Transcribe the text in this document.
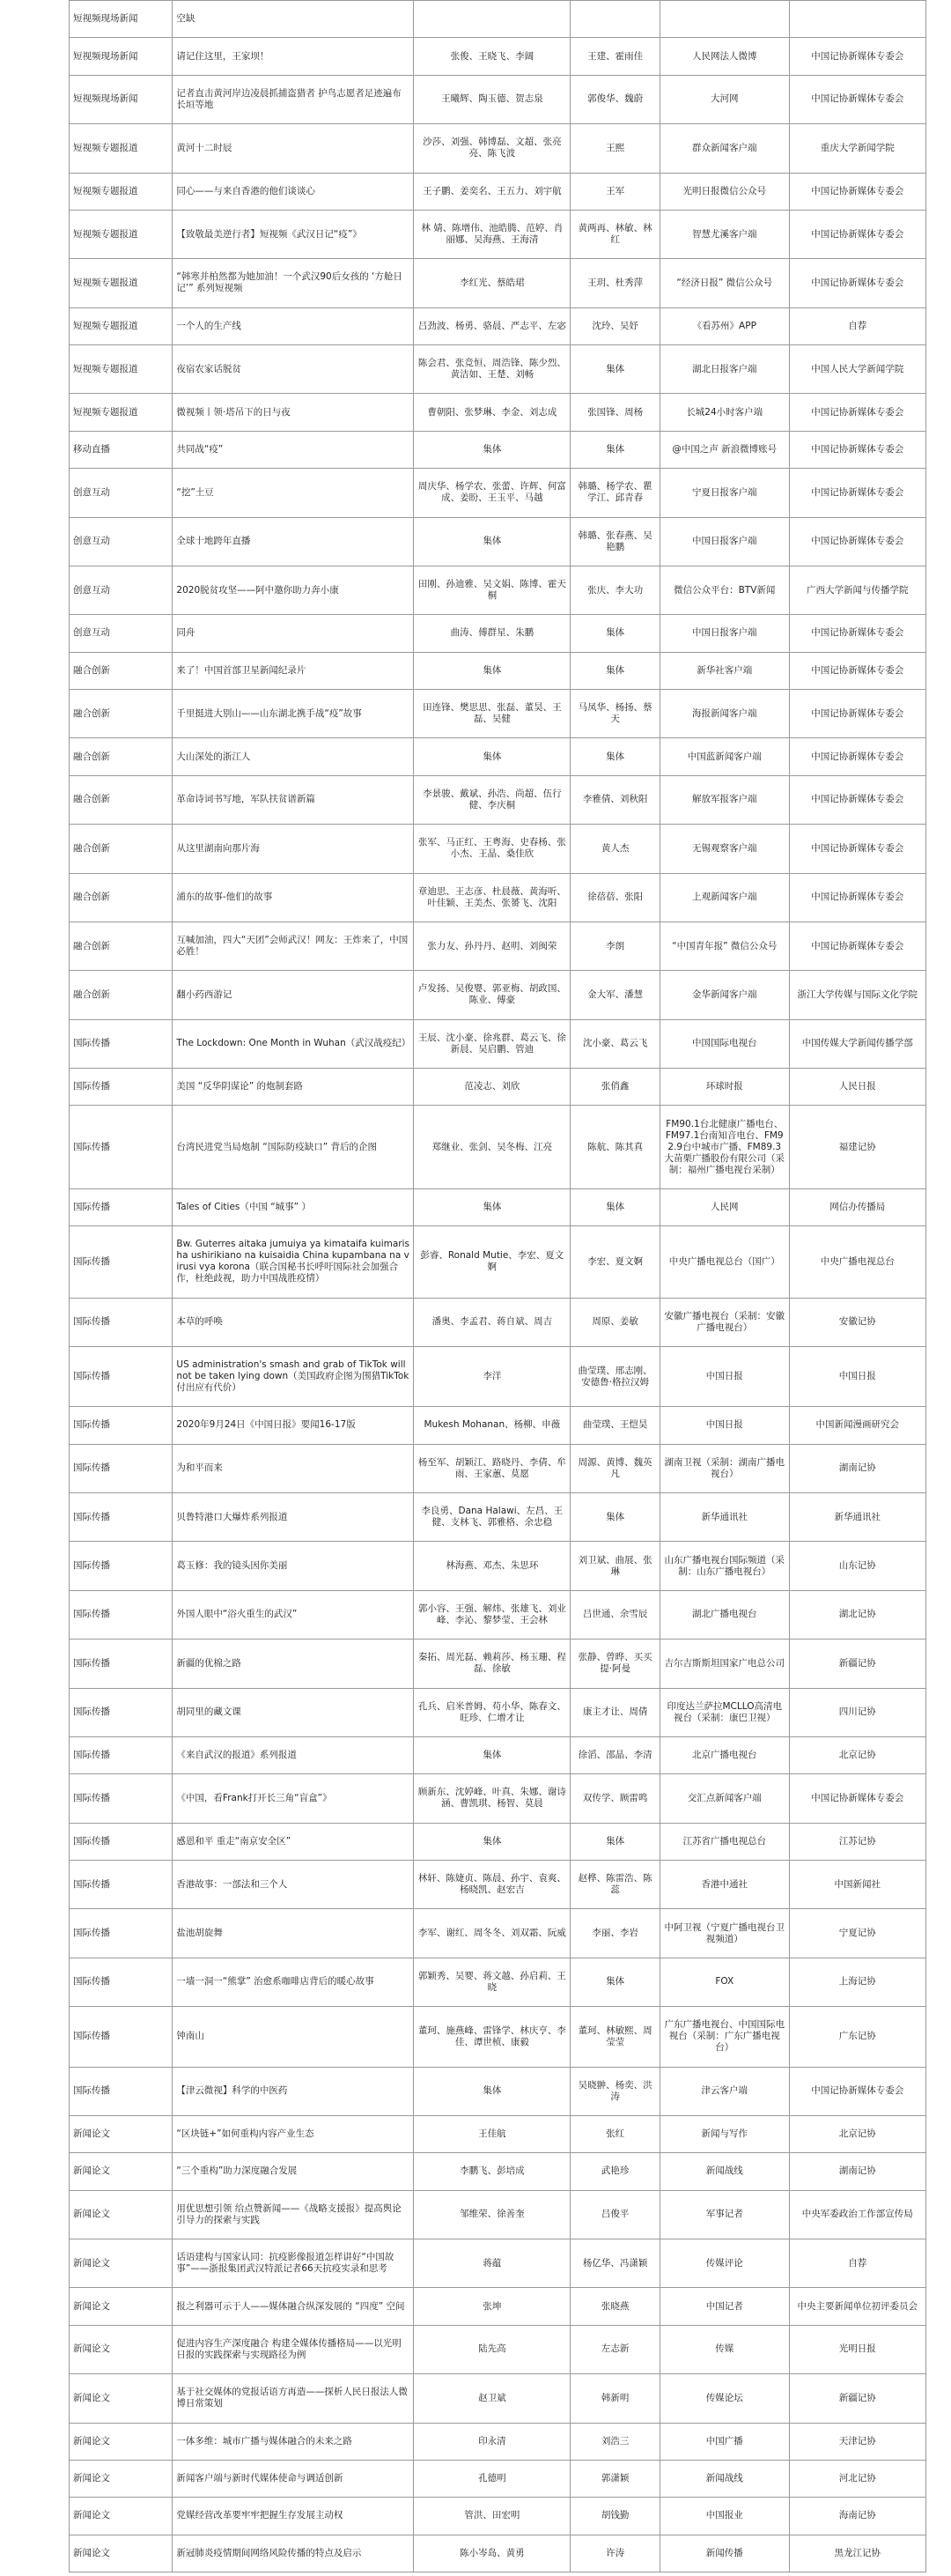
短视频现场新闻	空缺				
短视频现场新闻	请记住这里，王家坝！	张俊、王晓飞、李阔	王建、霍雨佳	人民网法人微博	中国记协新媒体专委会
短视频现场新闻	记者直击黄河岸边凌晨抓捕盗猎者 护鸟志愿者足迹遍布长垣等地	王曦辉、陶玉德、贺志泉	郭俊华、魏蔚	大河网	中国记协新媒体专委会
短视频专题报道	黄河十二时辰	沙莎、刘强、韩博磊、文超、张亮亮、陈飞波	王熙	群众新闻客户端	重庆大学新闻学院
短视频专题报道	同心——与来自香港的他们谈谈心	王子鹏、姜奕名、王五力、刘宇航	王军	光明日报微信公众号	中国记协新媒体专委会
短视频专题报道	【致敬最美逆行者】短视频《武汉日记“疫”》	林 婧、陈增伟、池皓腾、范婷、肖丽娜、吴海燕、王海清	黄两再、林敏、林红	智慧尤溪客户端	中国记协新媒体专委会
短视频专题报道	“韩寒并柏然都为她加油！一个武汉90后女孩的 ‘方舱日记’” 系列短视频	李红光、蔡皓珺	王玥、杜秀萍	“经济日报” 微信公众号	中国记协新媒体专委会
短视频专题报道	一个人的生产线	吕劲波、杨勇、骆晨、严志平、左宓	沈玲、吴妤	《看苏州》APP	自荐
短视频专题报道	夜宿农家话脱贫	陈会君、张竞恒、周浩锋、陈少烈、黄洁如、王楚、刘畅	集体	湖北日报客户端	中国人民大学新闻学院
短视频专题报道	微视频丨领·塔吊下的日与夜	曹朝阳、张梦琳、李金、刘志成	张国锋、周杨	长城24小时客户端	中国记协新媒体专委会
移动直播	共同战“疫”	集体	集体	@中国之声 新浪微博账号	中国记协新媒体专委会
创意互动	“挖”土豆	周庆华、杨学农、张蕾、许辉、何富成、姜盼、王玉平、马越	韩璐、杨学农、瞿学江、邱青春	宁夏日报客户端	中国记协新媒体专委会
创意互动	全球十地跨年直播	集体	韩璐、张春燕、吴艳鹏	中国日报客户端	中国记协新媒体专委会
创意互动	2020脱贫攻坚——阿中邀你助力奔小康	田刚、孙迪雅、吴文娟、陈博、霍天桐	张庆、李大功	微信公众平台：BTV新闻	广西大学新闻与传播学院
创意互动	同舟	曲涛、傅群星、朱鹏	集体	中国日报客户端	中国记协新媒体专委会
融合创新	来了！中国首部卫星新闻纪录片	集体	集体	新华社客户端	中国记协新媒体专委会
融合创新	千里挺进大别山——山东湖北携手战“疫”故事	田连锋、樊思思、张磊、董昊、王磊、吴健	马凤华、杨扬、蔡天	海报新闻客户端	中国记协新媒体专委会
融合创新	大山深处的浙江人	集体	集体	中国蓝新闻客户端	中国记协新媒体专委会
融合创新	革命诗词书写地，军队扶贫谱新篇	李景骏、戴斌、孙浩、尚超、伍行健、李庆桐	李雅倩、刘秋阳	解放军报客户端	中国记协新媒体专委会
融合创新	从这里湖南向那片海	张军、马正红、王粤海、史春杨、张小杰、王晶、桑佳欣	黄人杰	无锡观察客户端	中国记协新媒体专委会
融合创新	浦东的故事-他们的故事	章迪思、王志彦、杜晨薇、黄海听、叶佳颖、王美杰、张赟飞、沈阳	徐蓓蓓、张阳	上观新闻客户端	中国记协新媒体专委会
融合创新	互喊加油，四大“天团”会师武汉！网友：王炸来了，中国必胜！	张力友、孙丹丹、赵明、刘闽荣	李朗	“中国青年报” 微信公众号	中国记协新媒体专委会
融合创新	翻小药西游记	卢发扬、吴俊婴、郭亚梅、胡政国、陈业、傅豪	金大军、潘慧	金华新闻客户端	浙江大学传媒与国际文化学院
国际传播	The Lockdown: One Month in Wuhan（武汉战疫纪）	王辰、沈小豪、徐兆群、葛云飞、徐新晨、吴启鹏、管迪	沈小豪、葛云飞	中国国际电视台	中国传媒大学新闻传播学部
国际传播	美国 “反华阴谋论” 的炮制套路	范凌志、刘欣	张俏鑫	环球时报	人民日报
国际传播	台湾民进党当局炮制 “国际防疫缺口” 背后的企图	郑继业、张剑、吴冬梅、江亮	陈航、陈其真	FM90.1台北健康广播电台、FM97.1台南知音电台、FM92.9台中城市广播、FM89.3大苗栗广播股份有限公司（采制：福州广播电视台采制）	福建记协
国际传播	Tales of Cities（中国 “城事” ）	集体	集体	人民网	网信办传播局
国际传播	Bw. Guterres aitaka jumuiya ya kimataifa kuimarisha ushirikiano na kuisaidia China kupambana na virusi vya korona（联合国秘书长呼吁国际社会加强合作，杜绝歧视，助力中国战胜疫情）	彭睿、Ronald Mutie、李宏、夏文婀	李宏、夏文婀	中央广播电视总台（国广）	中央广播电视总台
国际传播	本草的呼唤	潘奥、李孟君、蒋自斌、周吉	周原、姜敏	安徽广播电视台（采制：安徽广播电视台）	安徽记协
国际传播	US administration's smash and grab of TikTok will not be taken lying down（美国政府企图为围猎TikTok付出应有代价）	李洋	曲莹璞、邢志刚、安德鲁·格拉汉姆	中国日报	中国日报
国际传播	2020年9月24日《中国日报》要闻16-17版	Mukesh Mohanan、杨柳、申薇	曲莹璞、王恺昊	中国日报	中国新闻漫画研究会
国际传播	为和平而来	杨至军、胡颖江、路晓丹、李倩、牟雨、王家蕙、莫愿	周源、黄博、魏英凡	湖南卫视（采制：湖南广播电视台）	湖南记协
国际传播	贝鲁特港口大爆炸系列报道	李良勇、Dana Halawi、左昌、王健、支林飞、郭雅格、余忠稳	集体	新华通讯社	新华通讯社
国际传播	葛玉修：我的镜头因你美丽	林海燕、邓杰、朱思环	刘卫斌、曲展、张琳	山东广播电视台国际频道（采制：山东广播电视台）	山东记协
国际传播	外国人眼中“浴火重生的武汉”	郭小容、王强、解炜、张雄飞、刘业峰、李沁、黎梦莹、王会林	吕世通、余雪辰	湖北广播电视台	湖北记协
国际传播	新疆的优棉之路	秦拓、周光磊、赖莉莎、杨玉珊、程磊、徐敏	张静、曾晔、买买提·阿曼	吉尔吉斯斯坦国家广电总公司	新疆记协
国际传播	胡同里的藏文课	孔兵、启米普姆、苟小华、陈春文、旺珍、仁增才让	康主才让、周倩	印度达兰萨拉MCLLO高清电视台（采制：康巴卫视）	四川记协
国际传播	《来自武汉的报道》系列报道	集体	徐滔、邵晶、李清	北京广播电视台	北京记协
国际传播	《中国，看Frank打开长三角“盲盒”》	顾新东、沈婷峰、叶真、朱娜、谢诗涵、曹凯琪、杨智、莫晨	双传学、顾雷鸣	交汇点新闻客户端	中国记协新媒体专委会
国际传播	感恩和平 重走“南京安全区”	集体	集体	江苏省广播电视总台	江苏记协
国际传播	香港故事：一部法和三个人	林轩、陈婕贞、陈晨、孙宇、袁爽、杨晓凯、赵宏吉	赵桦、陈雷浩、陈蕊	香港中通社	中国新闻社
国际传播	盐池胡旋舞	李军、谢红、周冬冬、刘双霜、阮威	李丽、李岩	中阿卫视（宁夏广播电视台卫视频道）	宁夏记协
国际传播	一墙一洞一“熊掌” 治愈系咖啡店背后的暖心故事	郭颖秀、吴婴、蒋文越、孙启莉、王晓	集体	FOX	上海记协
国际传播	钟南山	董珂、施燕峰、雷锋学、林庆亨、李佳、谭世桢、康毅	董珂、林敏熙、周莹莹	广东广播电视台、中国国际电视台（采制：广东广播电视台）	广东记协
国际传播	【津云微视】科学的中医药	集体	吴晓翀、杨奕、洪涛	津云客户端	中国记协新媒体专委会
新闻论文	“区块链+”如何重构内容产业生态	王佳航	张红	新闻与写作	北京记协
新闻论文	“三个重构”助力深度融合发展	李鹏飞、彭培成	武艳珍	新闻战线	湖南记协
新闻论文	用优思想引领 给点赞新闻——《战略支援报》提高舆论引导力的探索与实践	邹维荣、徐善奎	吕俊平	军事记者	中央军委政治工作部宣传局
新闻论文	话语建构与国家认同：抗疫影像报道怎样讲好“中国故事”——浙报集团武汉特派记者66天抗疫实录和思考	蒋蕴	杨亿华、冯潇颖	传媒评论	自荐
新闻论文	报之利器可示于人——媒体融合纵深发展的 “四度” 空间	张坤	张晓燕	中国记者	中央主要新闻单位初评委员会
新闻论文	促进内容生产深度融合 构建全媒体传播格局——以光明日报的实践探索与实现路径为例	陆先高	左志新	传媒	光明日报
新闻论文	基于社交媒体的党报话语方再造——探析人民日报法人微博日常策划	赵卫斌	韩新明	传媒论坛	新疆记协
新闻论文	一体多维：城市广播与媒体融合的未来之路	印永清	刘浩三	中国广播	天津记协
新闻论文	新闻客户端与新时代媒体使命与调适创新	孔德明	郭潇颖	新闻战线	河北记协
新闻论文	党媒经营改革要牢牢把握生存发展主动权	管洪、田宏明	胡钱勤	中国报业	海南记协
新闻论文	新冠肺炎疫情期间网络风险传播的特点及启示	陈小岑岛、黄勇	许涛	新闻传播	黑龙江记协
